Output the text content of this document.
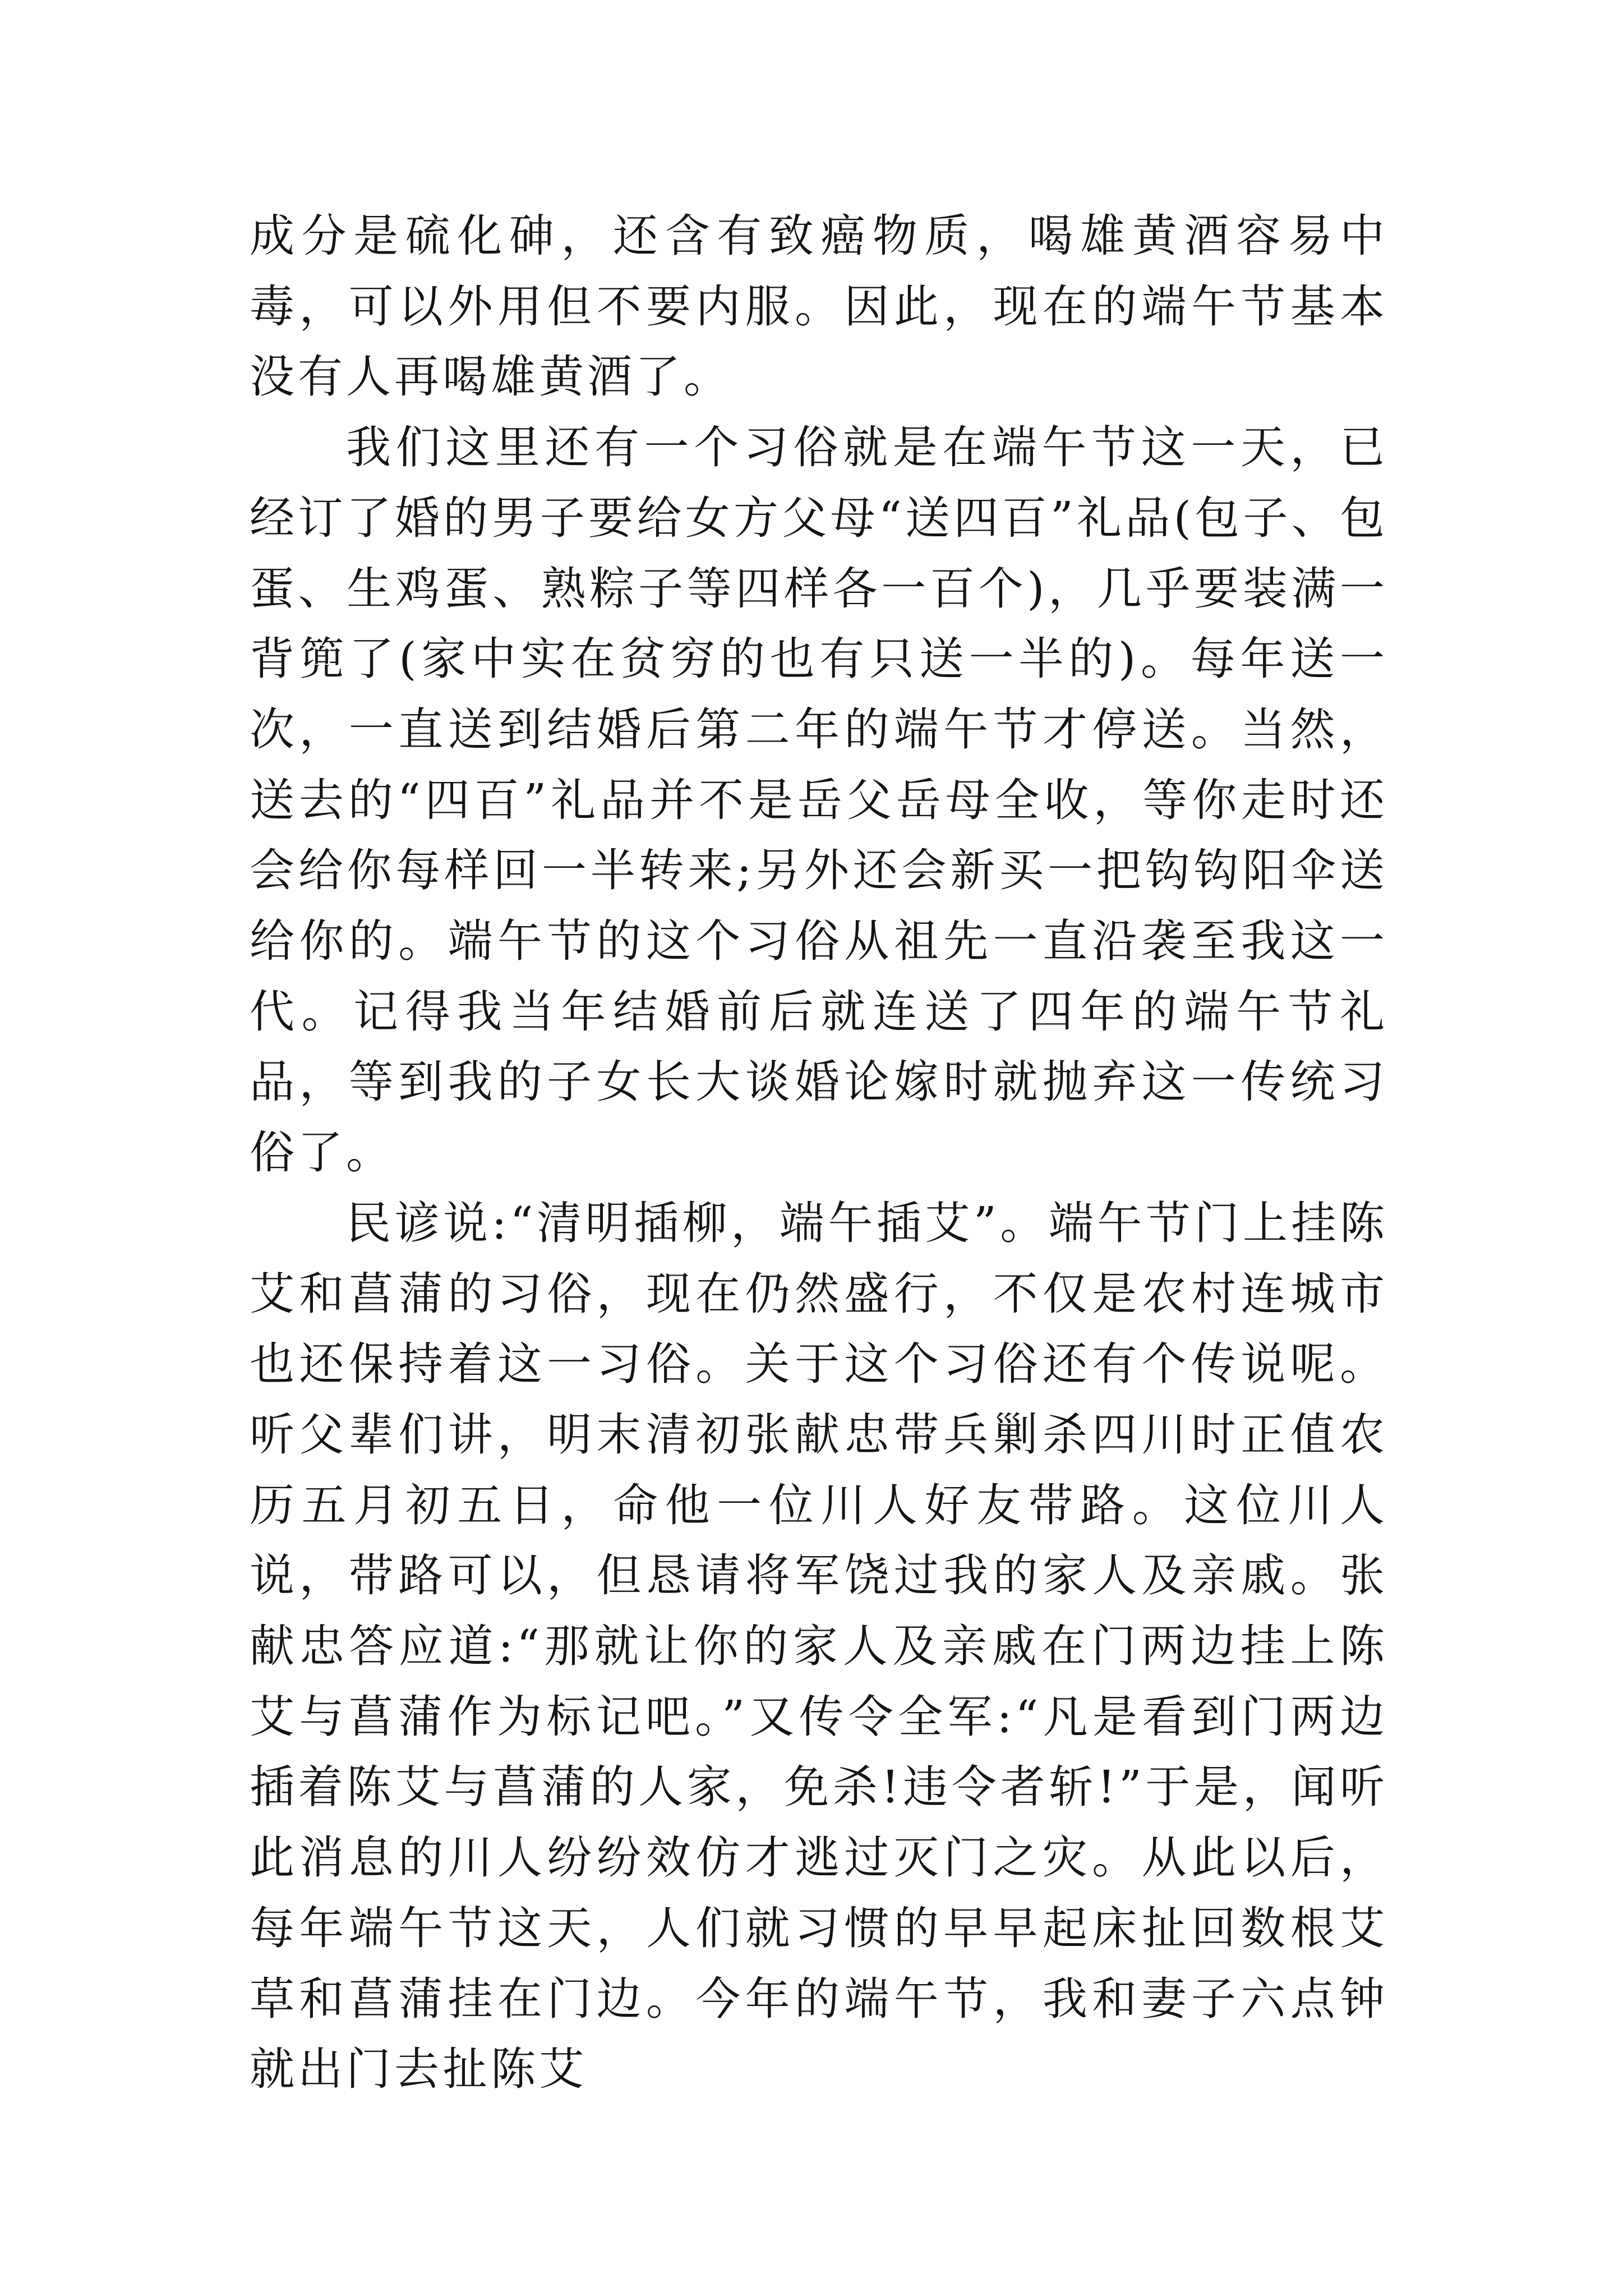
成分是硫化砷，还含有致癌物质，喝雄黄酒容易中毒，可以外用但不要内服。因此，现在的端午节基本没有人再喝雄黄酒了。

我们这里还有一个习俗就是在端午节这一天，已经订了婚的男子要给女方父母“送四百”礼品(包子、包蛋、生鸡蛋、熟粽子等四样各一百个)，几乎要装满一背篼了(家中实在贫穷的也有只送一半的)。每年送一次，一直送到结婚后第二年的端午节才停送。当然，送去的“四百”礼品并不是岳父岳母全收，等你走时还会给你每样回一半转来;另外还会新买一把钩钩阳伞送给你的。端午节的这个习俗从祖先一直沿袭至我这一代。记得我当年结婚前后就连送了四年的端午节礼品，等到我的子女长大谈婚论嫁时就抛弃这一传统习俗了。

民谚说:“清明插柳，端午插艾”。端午节门上挂陈艾和菖蒲的习俗，现在仍然盛行，不仅是农村连城市也还保持着这一习俗。关于这个习俗还有个传说呢。听父辈们讲，明末清初张献忠带兵剿杀四川时正值农历五月初五日，命他一位川人好友带路。这位川人说，带路可以，但恳请将军饶过我的家人及亲戚。张献忠答应道:“那就让你的家人及亲戚在门两边挂上陈艾与菖蒲作为标记吧。”又传令全军:“凡是看到门两边插着陈艾与菖蒲的人家，免杀!违令者斩!”于是，闻听此消息的川人纷纷效仿才逃过灭门之灾。从此以后，每年端午节这天，人们就习惯的早早起床扯回数根艾草和菖蒲挂在门边。今年的端午节，我和妻子六点钟就出门去扯陈艾
